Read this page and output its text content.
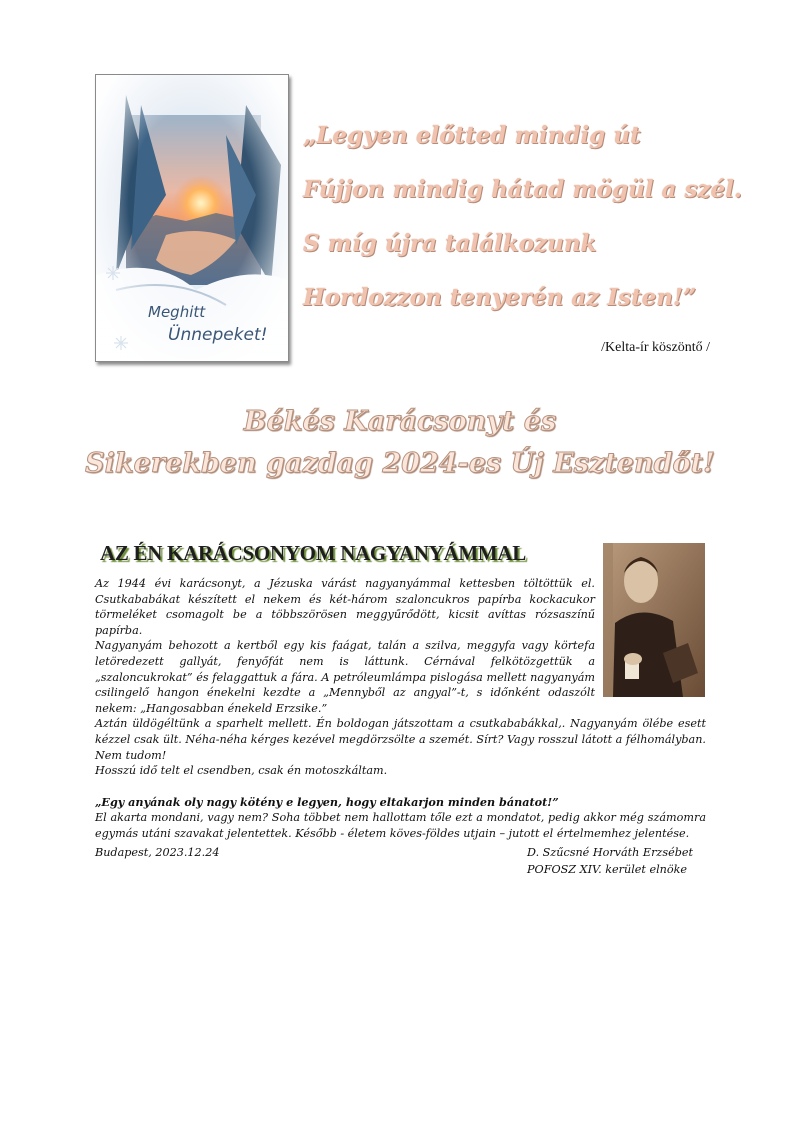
Meghitt
Ünnepeket!
„Legyen előtted mindig út
Fújjon mindig hátad mögül a szél.
S míg újra találkozunk
Hordozzon tenyerén az Isten!”
/Kelta-ír köszöntő /
Békés Karácsonyt és
Sikerekben gazdag 2024-es Új Esztendőt!
AZ ÉN KARÁCSONYOM NAGYANYÁMMAL

Az 1944 évi karácsonyt, a Jézuska várást nagyanyámmal kettesben töltöttük el. Csutkababákat készített el nekem és két-három szaloncukros papírba kockacukor törmeléket csomagolt be a többszörösen meggyűrődött, kicsit avíttas rózsaszínű papírba.

Nagyanyám behozott a kertből egy kis faágat, talán a szilva, meggyfa vagy körtefa letöredezett gallyát, fenyőfát nem is láttunk. Cérnával felkötözgettük a „szaloncukrokat” és felaggattuk a fára. A petróleumlámpa pislogása mellett nagyanyám csilingelő hangon énekelni kezdte a „Mennyből az angyal”-t, s időnként odaszólt nekem: „Hangosabban énekeld Erzsike.”

Aztán üldögéltünk a sparhelt mellett. Én boldogan játszottam a csutkababákkal,. Nagyanyám ölébe esett kézzel csak ült. Néha-néha kérges kezével megdörzsölte a szemét. Sírt? Vagy rosszul látott a félhomályban. Nem tudom!

Hosszú idő telt el csendben, csak én motoszkáltam.

„Egy anyának oly nagy kötény e legyen, hogy eltakarjon minden bánatot!”

El akarta mondani, vagy nem? Soha többet nem hallottam tőle ezt a mondatot, pedig akkor még számomra egymás utáni szavakat jelentettek. Később - életem köves-földes utjain – jutott el értelmemhez jelentése.

Budapest, 2023.12.24	D. Szűcsné Horváth Erzsébet
POFOSZ XIV. kerület elnöke
